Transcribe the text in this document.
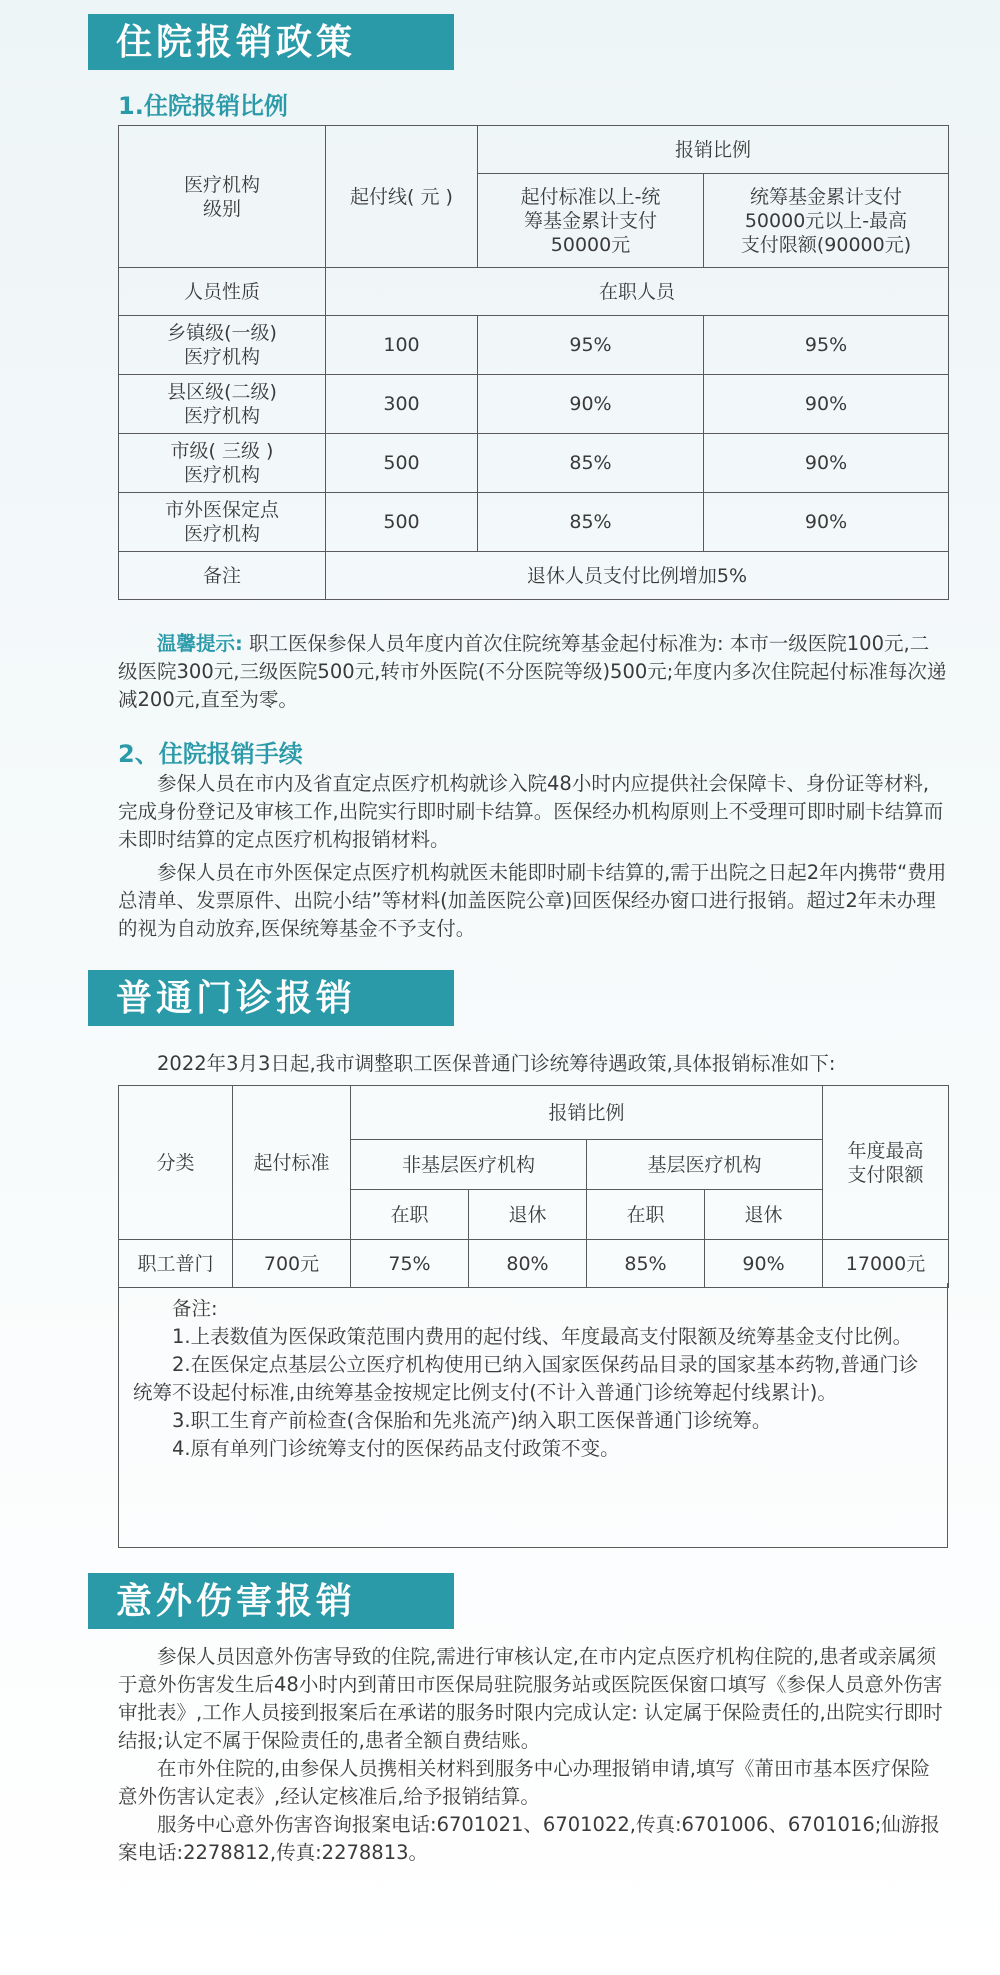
住院报销政策
1.住院报销比例
医疗机构
级别	起付线( 元 )	报销比例	
		起付标准以上-统
筹基金累计支付
50000元	统筹基金累计支付
50000元以上-最高
支付限额(90000元)
人员性质	在职人员		
乡镇级(一级)
医疗机构	100	95%	95%
县区级(二级)
医疗机构	300	90%	90%
市级( 三级 )
医疗机构	500	85%	90%
市外医保定点
医疗机构	500	85%	90%
备注	退休人员支付比例增加5%		

温馨提示: 职工医保参保人员年度内首次住院统筹基金起付标准为: 本市一级医院100元,二级医院300元,三级医院500元,转市外医院(不分医院等级)500元;年度内多次住院起付标准每次递减200元,直至为零。

2、住院报销手续

参保人员在市内及省直定点医疗机构就诊入院48小时内应提供社会保障卡、身份证等材料,完成身份登记及审核工作,出院实行即时刷卡结算。医保经办机构原则上不受理可即时刷卡结算而未即时结算的定点医疗机构报销材料。

参保人员在市外医保定点医疗机构就医未能即时刷卡结算的,需于出院之日起2年内携带“费用总清单、发票原件、出院小结”等材料(加盖医院公章)回医保经办窗口进行报销。超过2年未办理的视为自动放弃,医保统筹基金不予支付。

普通门诊报销

2022年3月3日起,我市调整职工医保普通门诊统筹待遇政策,具体报销标准如下:

分类	起付标准	报销比例				年度最高
支付限额
		非基层医疗机构		基层医疗机构		
		在职	退休	在职	退休	
职工普门	700元	75%	80%	85%	90%	17000元

备注:

1.上表数值为医保政策范围内费用的起付线、年度最高支付限额及统筹基金支付比例。

2.在医保定点基层公立医疗机构使用已纳入国家医保药品目录的国家基本药物,普通门诊统筹不设起付标准,由统筹基金按规定比例支付(不计入普通门诊统筹起付线累计)。

3.职工生育产前检查(含保胎和先兆流产)纳入职工医保普通门诊统筹。

4.原有单列门诊统筹支付的医保药品支付政策不变。

意外伤害报销

参保人员因意外伤害导致的住院,需进行审核认定,在市内定点医疗机构住院的,患者或亲属须于意外伤害发生后48小时内到莆田市医保局驻院服务站或医院医保窗口填写《参保人员意外伤害审批表》,工作人员接到报案后在承诺的服务时限内完成认定: 认定属于保险责任的,出院实行即时结报;认定不属于保险责任的,患者全额自费结账。

在市外住院的,由参保人员携相关材料到服务中心办理报销申请,填写《莆田市基本医疗保险意外伤害认定表》,经认定核准后,给予报销结算。

服务中心意外伤害咨询报案电话:6701021、6701022,传真:6701006、6701016;仙游报案电话:2278812,传真:2278813。
